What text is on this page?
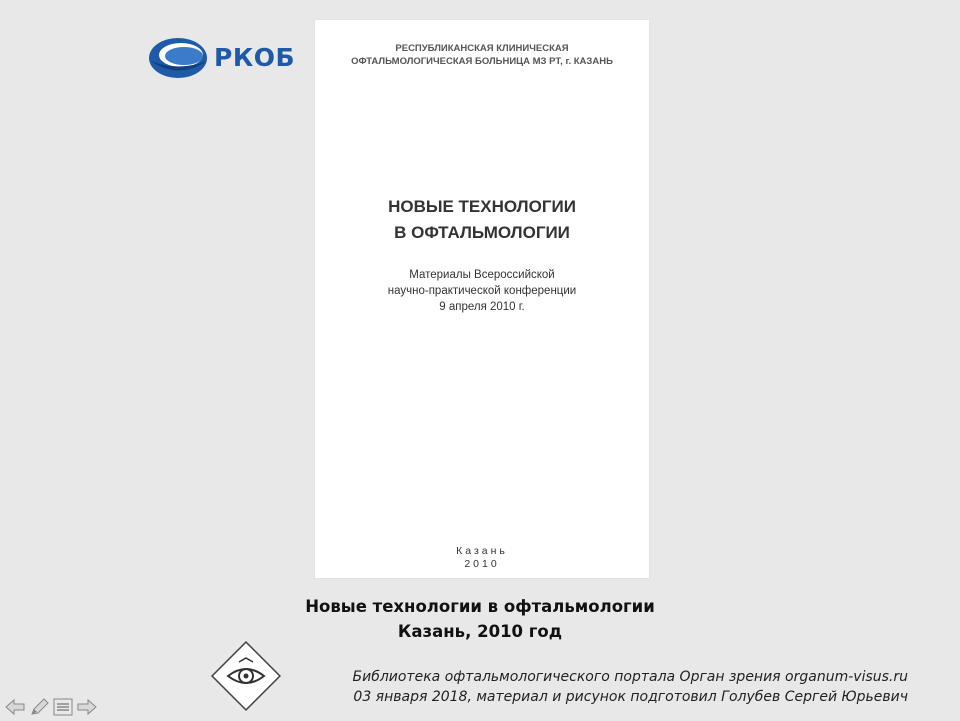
РКОБ	РЕСПУБЛИКАНСКАЯ КЛИНИЧЕСКАЯ
ОФТАЛЬМОЛОГИЧЕСКАЯ БОЛЬНИЦА МЗ РТ, г. КАЗАНЬ
НОВЫЕ ТЕХНОЛОГИИ
В ОФТАЛЬМОЛОГИИ
Материалы Всероссийской
научно-практической конференции
9 апреля 2010 г.
Казань
2010
Новые технологии в офтальмологии
Казань, 2010 год
Библиотека офтальмологического портала Орган зрения organum-visus.ru
03 января 2018, материал и рисунок подготовил Голубев Сергей Юрьевич
